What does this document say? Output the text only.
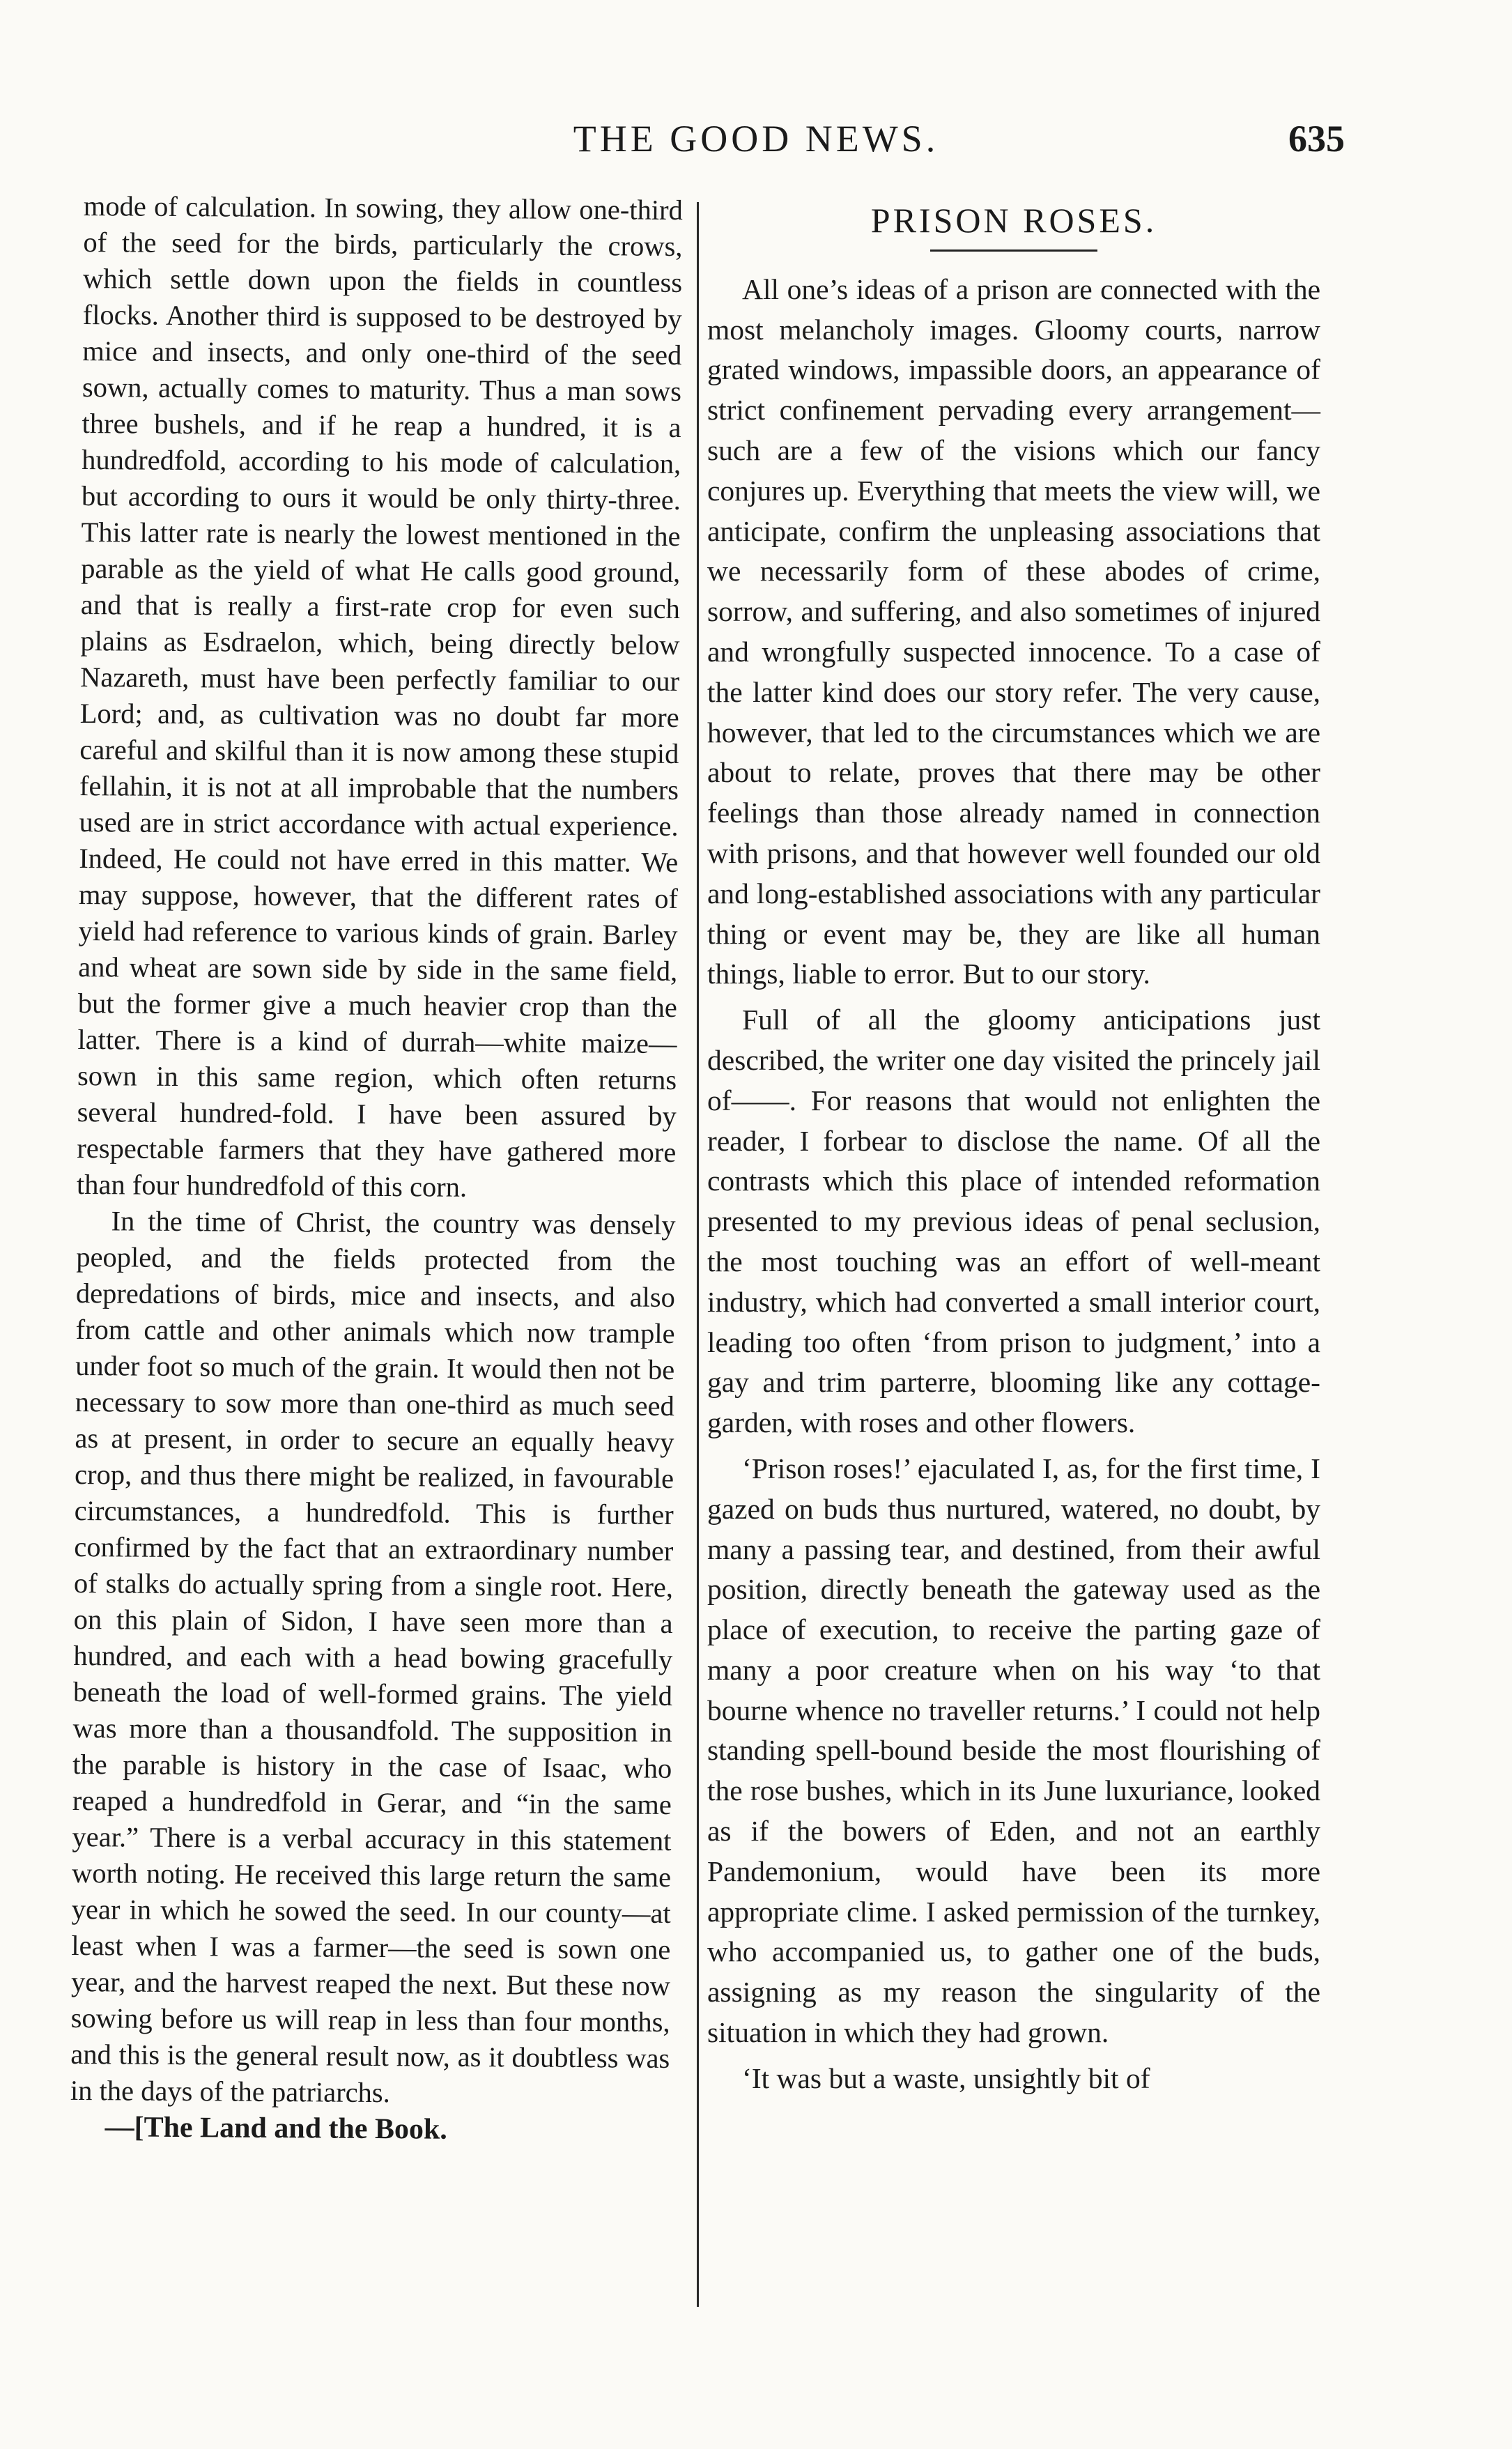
THE GOOD NEWS.	635

mode of calculation. In sowing, they allow one-third of the seed for the birds, particularly the crows, which settle down upon the fields in countless flocks. Another third is supposed to be destroyed by mice and insects, and only one-third of the seed sown, actually comes to maturity. Thus a man sows three bushels, and if he reap a hundred, it is a hundredfold, according to his mode of calculation, but according to ours it would be only thirty-three. This latter rate is nearly the lowest mentioned in the parable as the yield of what He calls good ground, and that is really a first-rate crop for even such plains as Esdraelon, which, being directly below Nazareth, must have been perfectly familiar to our Lord; and, as cultivation was no doubt far more careful and skilful than it is now among these stupid fellahin, it is not at all improbable that the numbers used are in strict accordance with actual experience. Indeed, He could not have erred in this matter. We may suppose, however, that the different rates of yield had reference to various kinds of grain. Barley and wheat are sown side by side in the same field, but the former give a much heavier crop than the latter. There is a kind of durrah—white maize—sown in this same region, which often returns several hundred-fold. I have been assured by respectable farmers that they have gathered more than four hundredfold of this corn.

In the time of Christ, the country was densely peopled, and the fields protected from the depredations of birds, mice and insects, and also from cattle and other animals which now trample under foot so much of the grain. It would then not be necessary to sow more than one-third as much seed as at present, in order to secure an equally heavy crop, and thus there might be realized, in favourable circumstances, a hundredfold. This is further confirmed by the fact that an extraordinary number of stalks do actually spring from a single root. Here, on this plain of Sidon, I have seen more than a hundred, and each with a head bowing gracefully beneath the load of well-formed grains. The yield was more than a thousandfold. The supposition in the parable is history in the case of Isaac, who reaped a hundredfold in Gerar, and “in the same year.” There is a verbal accuracy in this statement worth noting. He received this large return the same year in which he sowed the seed. In our county—at least when I was a farmer—the seed is sown one year, and the harvest reaped the next. But these now sowing before us will reap in less than four months, and this is the general result now, as it doubtless was in the days of the patriarchs.

—[The Land and the Book.

PRISON ROSES.

All one’s ideas of a prison are connected with the most melancholy images. Gloomy courts, narrow grated windows, impassible doors, an appearance of strict confinement pervading every arrangement—such are a few of the visions which our fancy conjures up. Everything that meets the view will, we anticipate, confirm the unpleasing associations that we necessarily form of these abodes of crime, sorrow, and suffering, and also sometimes of injured and wrongfully suspected innocence. To a case of the latter kind does our story refer. The very cause, however, that led to the circumstances which we are about to relate, proves that there may be other feelings than those already named in connection with prisons, and that however well founded our old and long-established associations with any particular thing or event may be, they are like all human things, liable to error. But to our story.

Full of all the gloomy anticipations just described, the writer one day visited the princely jail of——. For reasons that would not enlighten the reader, I forbear to disclose the name. Of all the contrasts which this place of intended reformation presented to my previous ideas of penal seclusion, the most touching was an effort of well-meant industry, which had converted a small interior court, leading too often ‘from prison to judgment,’ into a gay and trim parterre, blooming like any cottage-garden, with roses and other flowers.

‘Prison roses!’ ejaculated I, as, for the first time, I gazed on buds thus nurtured, watered, no doubt, by many a passing tear, and destined, from their awful position, directly beneath the gateway used as the place of execution, to receive the parting gaze of many a poor creature when on his way ‘to that bourne whence no traveller returns.’ I could not help standing spell-bound beside the most flourishing of the rose bushes, which in its June luxuriance, looked as if the bowers of Eden, and not an earthly Pandemonium, would have been its more appropriate clime. I asked permission of the turnkey, who accompanied us, to gather one of the buds, assigning as my reason the singularity of the situation in which they had grown.

‘It was but a waste, unsightly bit of
